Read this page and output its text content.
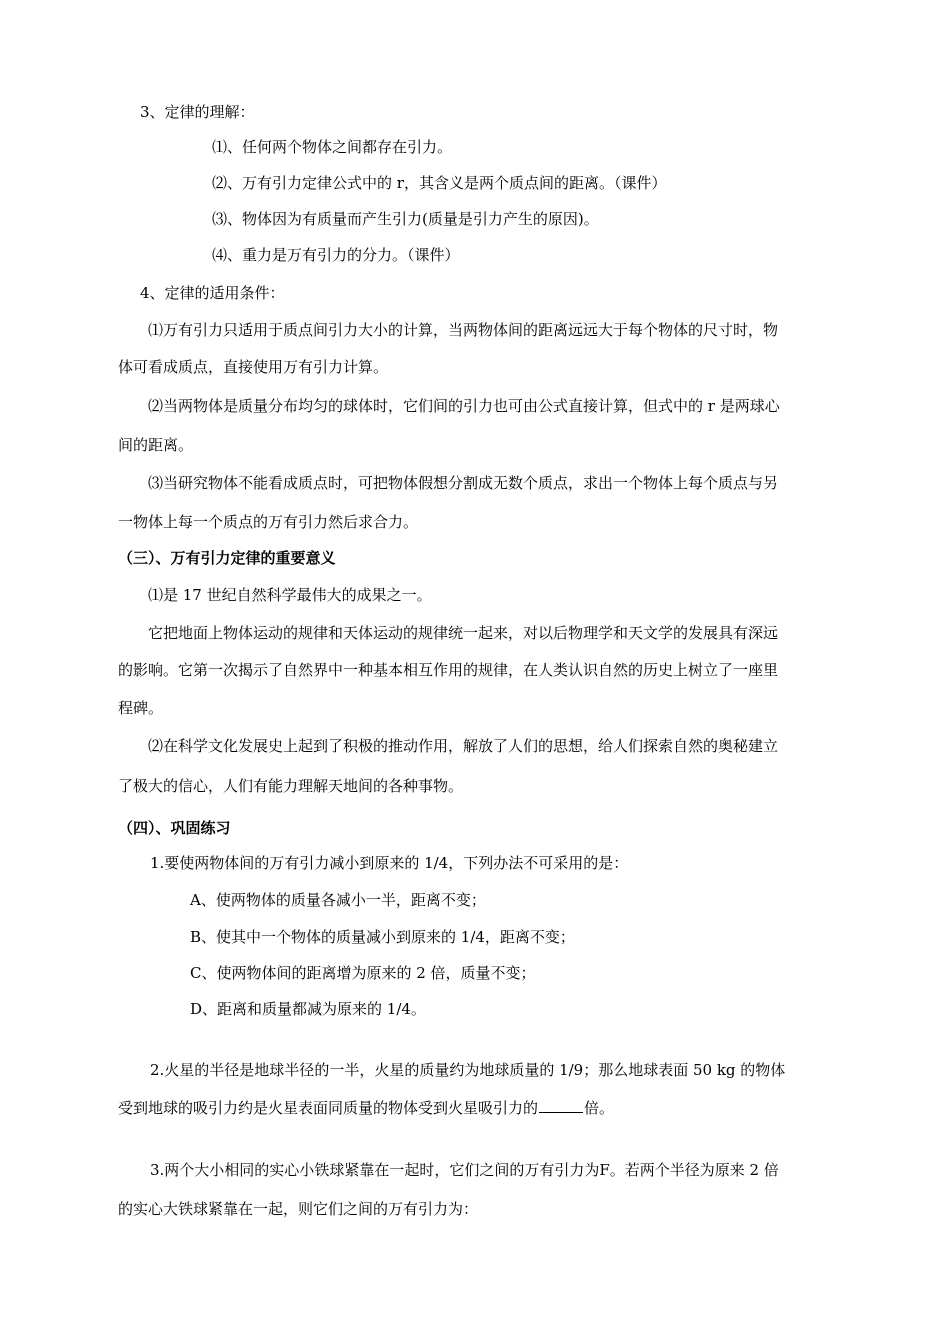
3、定律的理解：
⑴、任何两个物体之间都存在引力。
⑵、万有引力定律公式中的 r，其含义是两个质点间的距离。（课件）
⑶、物体因为有质量而产生引力(质量是引力产生的原因)。
⑷、重力是万有引力的分力。（课件）
4、定律的适用条件：
⑴万有引力只适用于质点间引力大小的计算，当两物体间的距离远远大于每个物体的尺寸时，物
体可看成质点，直接使用万有引力计算。
⑵当两物体是质量分布均匀的球体时，它们间的引力也可由公式直接计算，但式中的 r 是两球心
间的距离。
⑶当研究物体不能看成质点时，可把物体假想分割成无数个质点，求出一个物体上每个质点与另
一物体上每一个质点的万有引力然后求合力。
（三）、万有引力定律的重要意义
⑴是 17 世纪自然科学最伟大的成果之一。
它把地面上物体运动的规律和天体运动的规律统一起来，对以后物理学和天文学的发展具有深远
的影响。它第一次揭示了自然界中一种基本相互作用的规律，在人类认识自然的历史上树立了一座里
程碑。
⑵在科学文化发展史上起到了积极的推动作用，解放了人们的思想，给人们探索自然的奥秘建立
了极大的信心，人们有能力理解天地间的各种事物。
（四）、巩固练习
1.要使两物体间的万有引力减小到原来的 1/4，下列办法不可采用的是：
A、使两物体的质量各减小一半，距离不变；
B、使其中一个物体的质量减小到原来的 1/4，距离不变；
C、使两物体间的距离增为原来的 2 倍，质量不变；
D、距离和质量都减为原来的 1/4。
2.火星的半径是地球半径的一半，火星的质量约为地球质量的 1/9；那么地球表面 50 kg 的物体
受到地球的吸引力约是火星表面同质量的物体受到火星吸引力的	倍。
3.两个大小相同的实心小铁球紧靠在一起时，它们之间的万有引力为F。若两个半径为原来 2 倍
的实心大铁球紧靠在一起，则它们之间的万有引力为：
